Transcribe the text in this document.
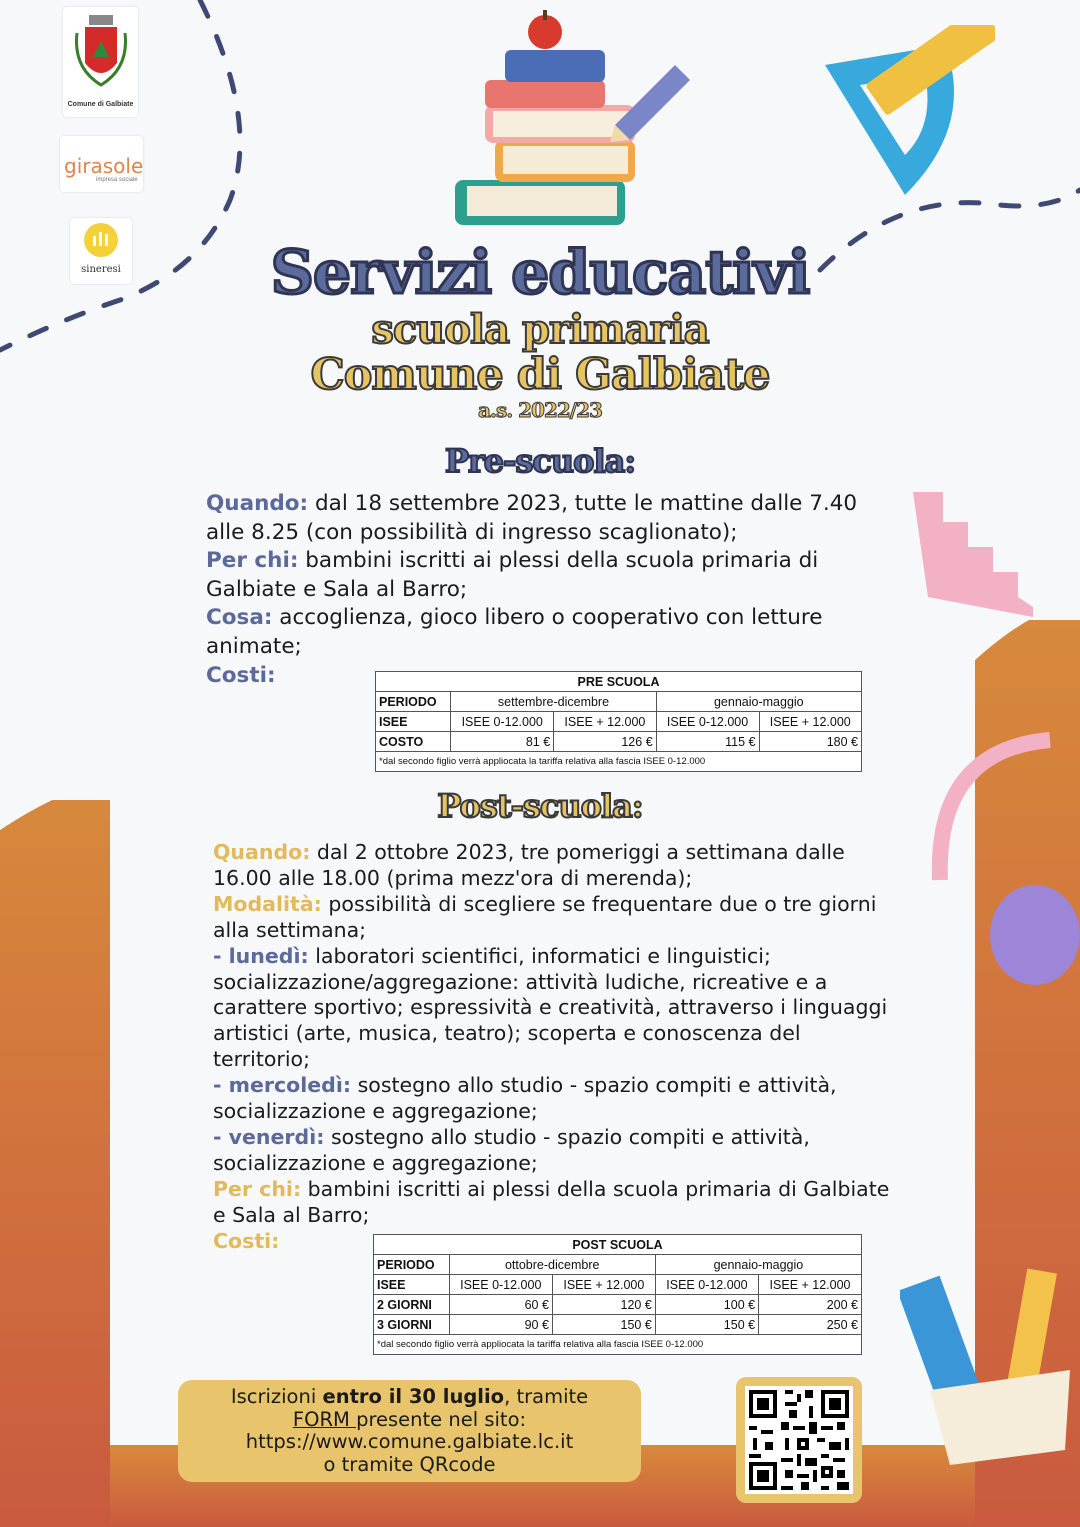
Comune di Galbiate
girasole
impresa sociale
sineresi	Servizi educativi
scuola primaria
Comune di Galbiate
a.s. 2022/23
Pre-scuola:
Quando: dal 18 settembre 2023, tutte le mattine dalle 7.40 alle 8.25 (con possibilità di ingresso scaglionato);
Per chi: bambini iscritti ai plessi della scuola primaria di Galbiate e Sala al Barro;
Cosa: accoglienza, gioco libero o cooperativo con letture animate;
Costi:	PRE SCUOLA				
PERIODO	settembre-dicembre		gennaio-maggio	
ISEE	ISEE 0-12.000	ISEE + 12.000	ISEE 0-12.000	ISEE + 12.000
COSTO	81 €	126 €	115 €	180 €
*dal secondo figlio verrà appliocata la tariffa relativa alla fascia ISEE 0-12.000				
Post-scuola:
Quando: dal 2 ottobre 2023, tre pomeriggi a settimana dalle 16.00 alle 18.00 (prima mezz'ora di merenda);
Modalità: possibilità di scegliere se frequentare due o tre giorni alla settimana;
- lunedì: laboratori scientifici, informatici e linguistici; socializzazione/aggregazione: attività ludiche, ricreative e a carattere sportivo; espressività e creatività, attraverso i linguaggi artistici (arte, musica, teatro); scoperta e conoscenza del territorio;
- mercoledì: sostegno allo studio - spazio compiti e attività, socializzazione e aggregazione;
- venerdì: sostegno allo studio - spazio compiti e attività, socializzazione e aggregazione;
Per chi: bambini iscritti ai plessi della scuola primaria di Galbiate e Sala al Barro;
Costi:	POST SCUOLA				
PERIODO	ottobre-dicembre		gennaio-maggio	
ISEE	ISEE 0-12.000	ISEE + 12.000	ISEE 0-12.000	ISEE + 12.000
2 GIORNI	60 €	120 €	100 €	200 €
3 GIORNI	90 €	150 €	150 €	250 €
*dal secondo figlio verrà appliocata la tariffa relativa alla fascia ISEE 0-12.000				
Iscrizioni entro il 30 luglio, tramite
FORM presente nel sito:
https://www.comune.galbiate.lc.it
o tramite QRcode
